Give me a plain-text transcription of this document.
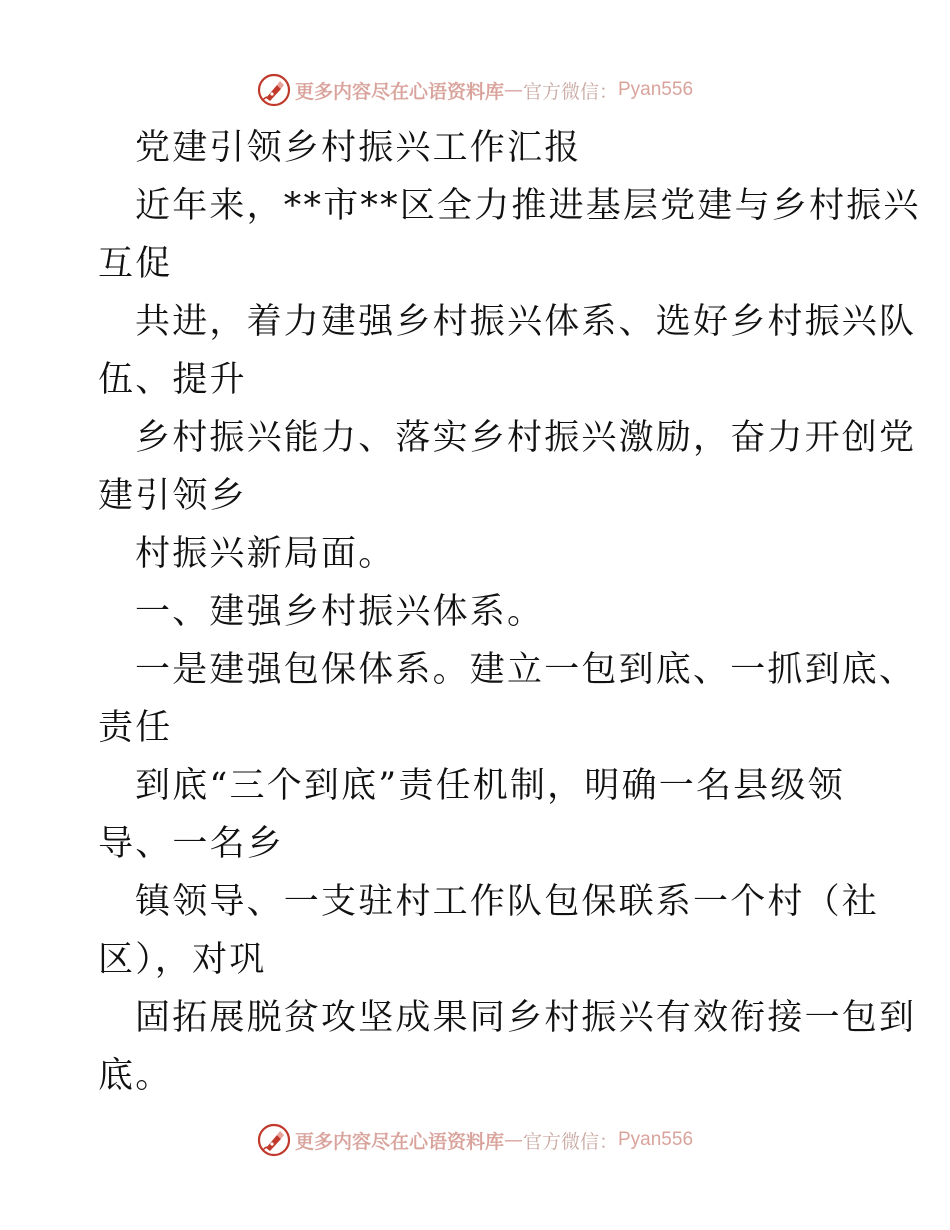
更多内容尽在心语资料库 — 官方微信： Pyan556
党建引领乡村振兴工作汇报
近年来，**市**区全力推进基层党建与乡村振兴
互促
共进，着力建强乡村振兴体系、选好乡村振兴队
伍、提升
乡村振兴能力、落实乡村振兴激励，奋力开创党
建引领乡
村振兴新局面。
一、建强乡村振兴体系。
一是建强包保体系。建立一包到底、一抓到底、
责任
到底“三个到底”责任机制，明确一名县级领
导、一名乡
镇领导、一支驻村工作队包保联系一个村（社
区），对巩
固拓展脱贫攻坚成果同乡村振兴有效衔接一包到
底。
更多内容尽在心语资料库 — 官方微信： Pyan556
